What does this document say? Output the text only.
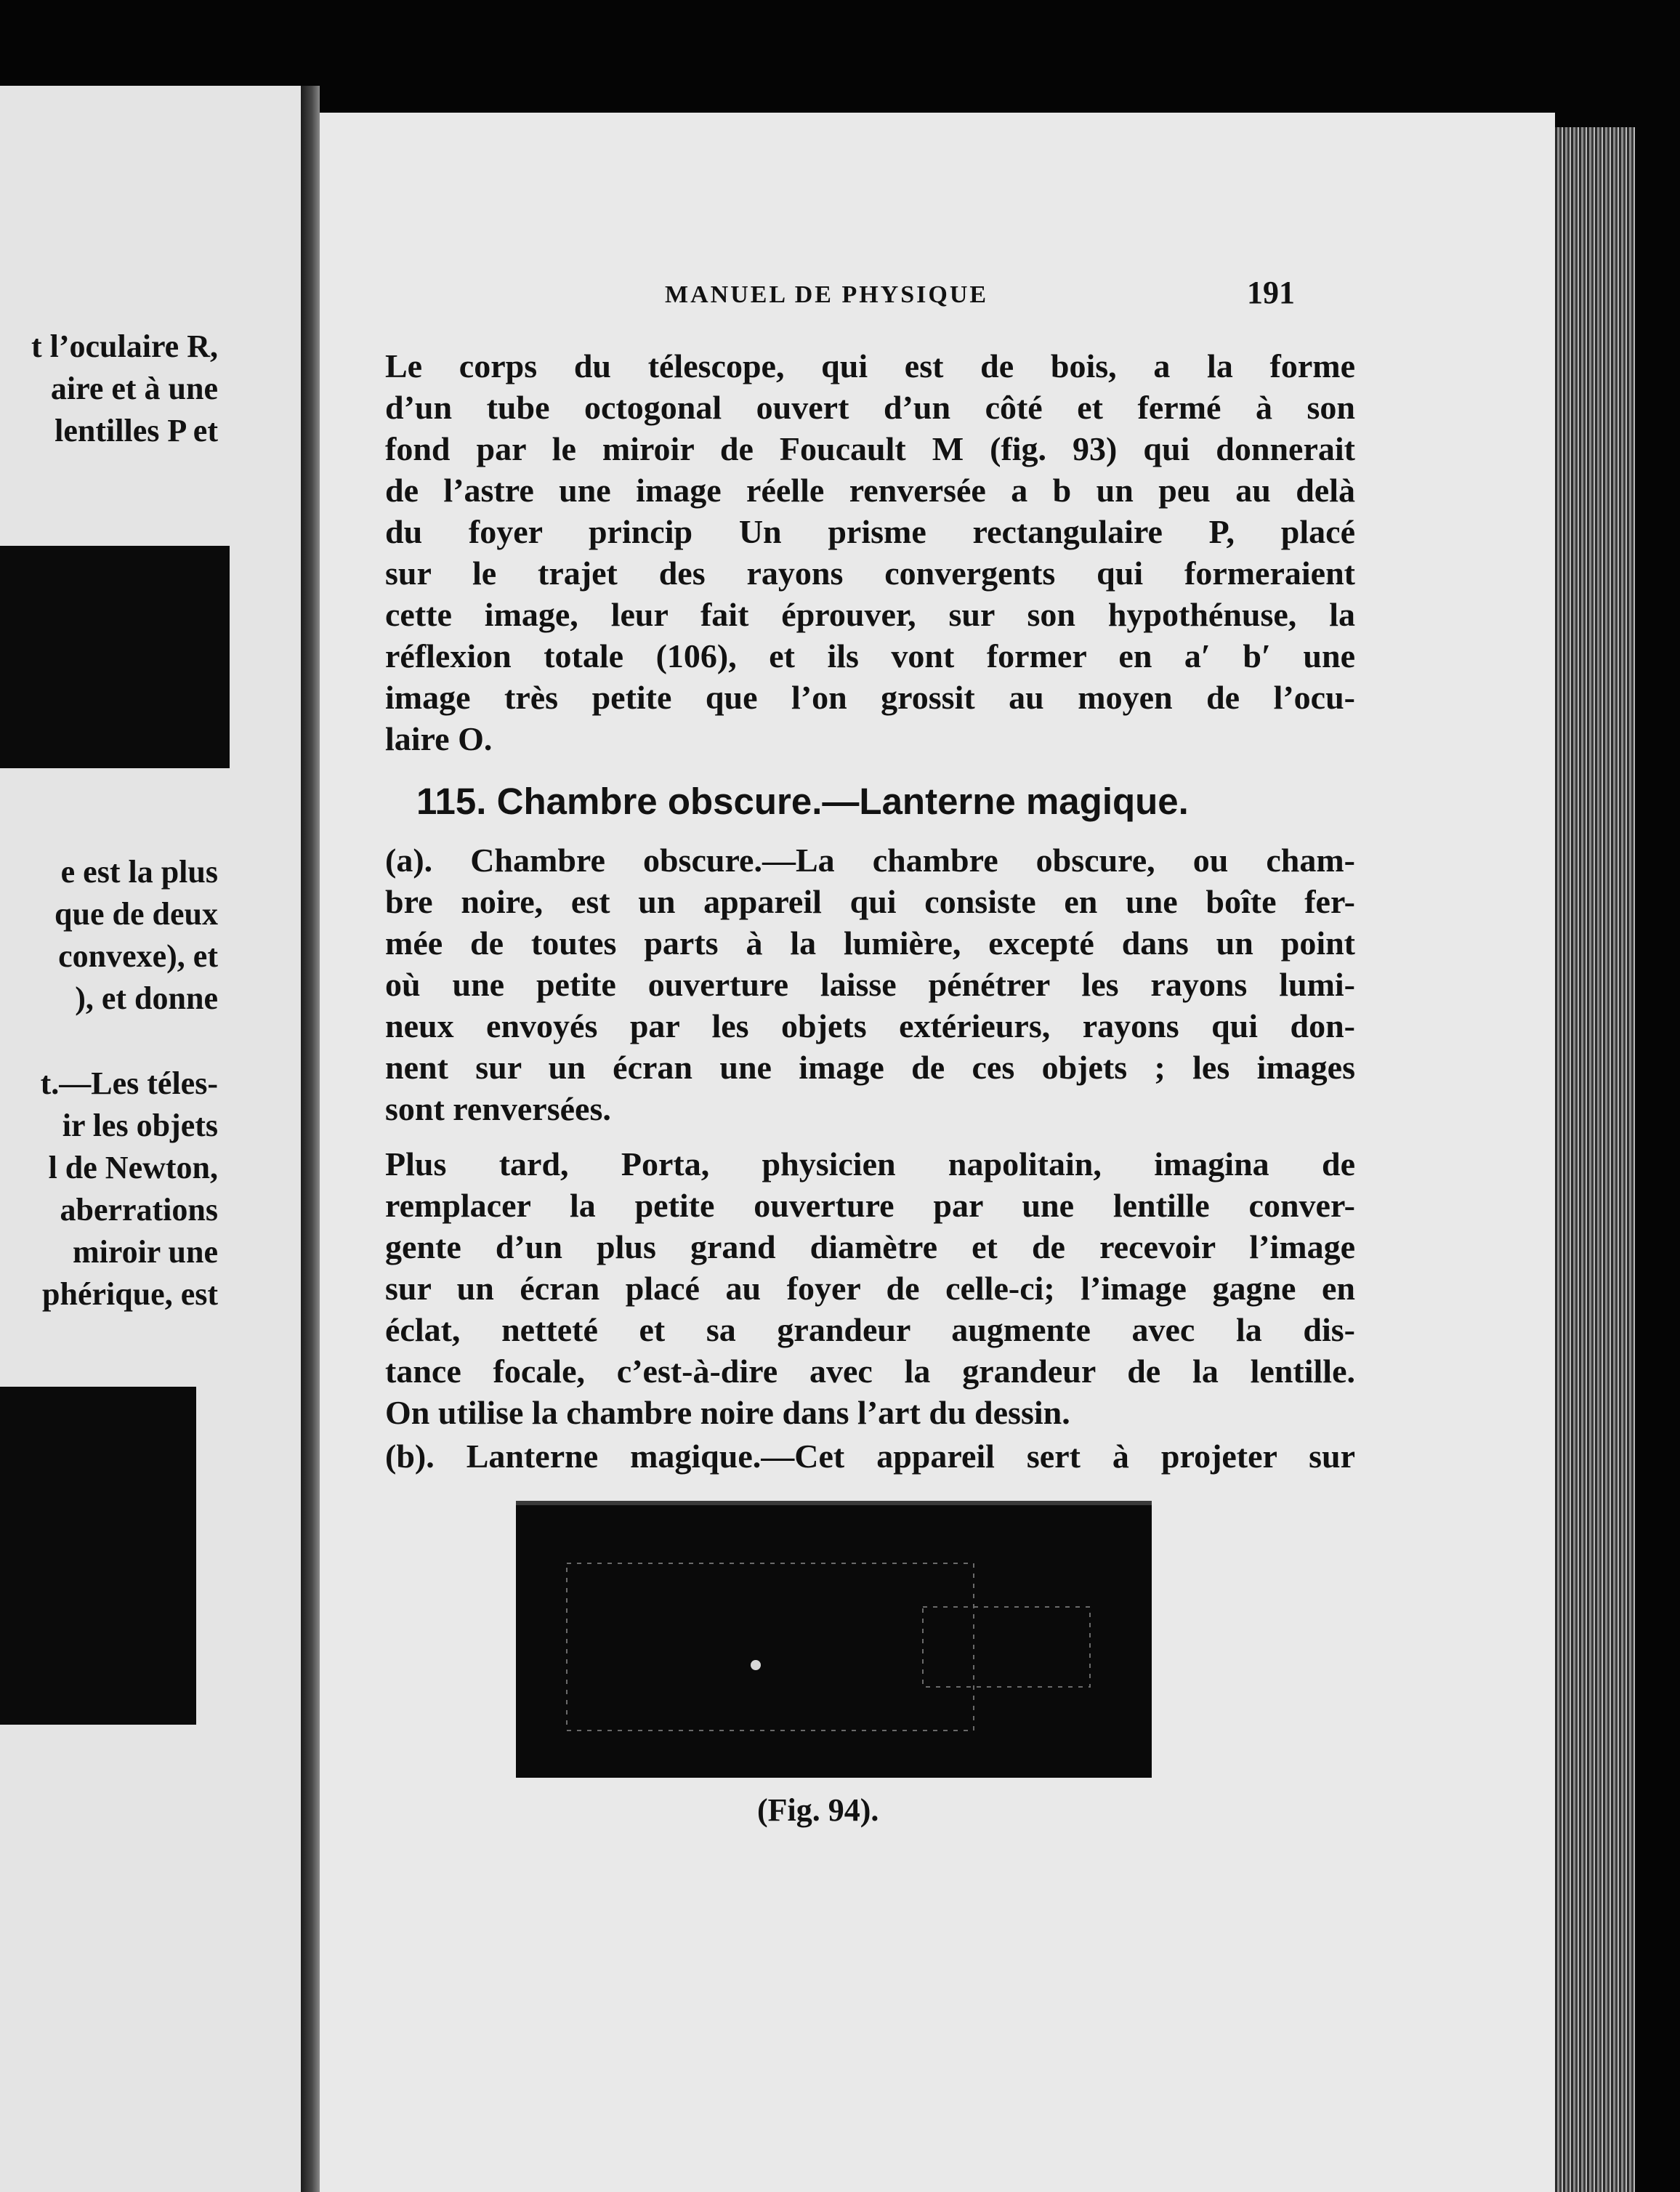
t l’oculaire R,
aire et à une
lentilles P et
e est la plus
que de deux
convexe), et
), et donne
t.—Les téles-
ir les objets
l de Newton,
aberrations
miroir une
phérique, est
MANUEL DE PHYSIQUE	191
Le corps du télescope, qui est de bois, a la forme
d’un tube octogonal ouvert d’un côté et fermé à son
fond par le miroir de Foucault M (fig. 93) qui donnerait
de l’astre une image réelle renversée a b un peu au delà
du foyer princip Un prisme rectangulaire P, placé
sur le trajet des rayons convergents qui formeraient
cette image, leur fait éprouver, sur son hypothénuse, la
réflexion totale (106), et ils vont former en a′ b′ une
image très petite que l’on grossit au moyen de l’ocu-
laire O.
115. Chambre obscure.—Lanterne magique.
(a). Chambre obscure.—La chambre obscure, ou cham-
bre noire, est un appareil qui consiste en une boîte fer-
mée de toutes parts à la lumière, excepté dans un point
où une petite ouverture laisse pénétrer les rayons lumi-
neux envoyés par les objets extérieurs, rayons qui don-
nent sur un écran une image de ces objets ; les images
sont renversées.
Plus tard, Porta, physicien napolitain, imagina de
remplacer la petite ouverture par une lentille conver-
gente d’un plus grand diamètre et de recevoir l’image
sur un écran placé au foyer de celle-ci; l’image gagne en
éclat, netteté et sa grandeur augmente avec la dis-
tance focale, c’est-à-dire avec la grandeur de la lentille.
On utilise la chambre noire dans l’art du dessin.
(b). Lanterne magique.—Cet appareil sert à projeter sur
(Fig. 94).
